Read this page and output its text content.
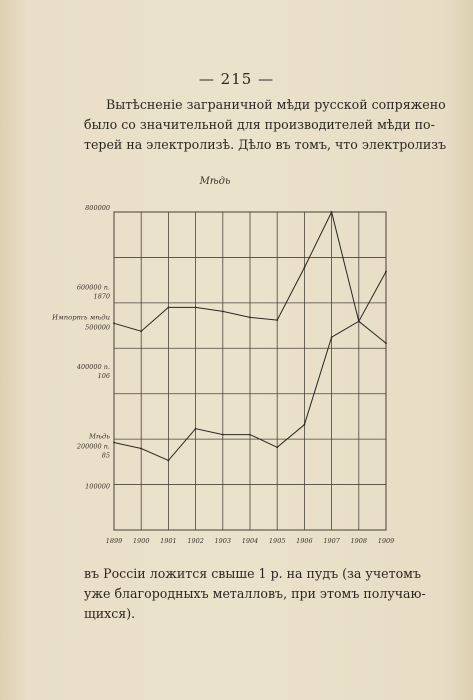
— 215 —
Вытѣсненіе заграничной мѣди русской сопряжено
было со значительной для производителей мѣди по-
терей на электролизѣ. Дѣло въ томъ, что электролизъ
Мѣдь
800000
600000 п.
1870
500000
400000 п.
106
200000 п.
85
100000
1899 1900 1901 1902 1903 1904 1905 1906 1907 1908 1909
Импортъ мѣди
Мѣдь
въ Россіи ложится свыше 1 р. на пудъ (за учетомъ
уже благородныхъ металловъ, при этомъ получаю-
щихся).
